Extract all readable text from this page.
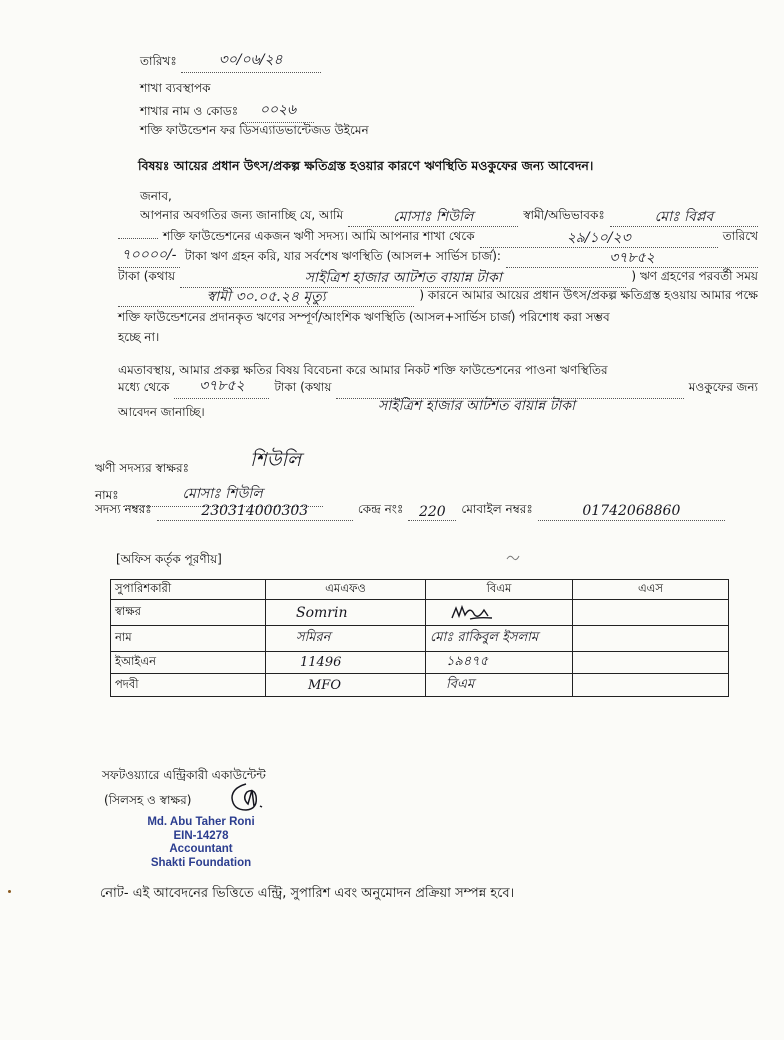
তারিখঃ	৩০/০৬/২৪
শাখা ব্যবস্থাপক
শাখার নাম ও কোডঃ ০০২৬
শক্তি ফাউন্ডেশন ফর ডিসএ্যাডভান্টেজড উইমেন
বিষয়ঃ আয়ের প্রধান উৎস/প্রকল্প ক্ষতিগ্রস্ত হওয়ার কারণে ঋণস্থিতি মওকুফের জন্য আবেদন।
জনাব,
আপনার অবগতির জন্য জানাচ্ছি যে, আমি	মোসাঃ শিউলি	স্বামী/অভিভাবকঃ	মোঃ বিপ্লব
শক্তি ফাউন্ডেশনের একজন ঋণী সদস্য। আমি আপনার শাখা থেকে	২৯/১০/২৩	তারিখে
৭০০০০/- টাকা ঋণ গ্রহন করি, যার সর্বশেষ ঋণস্থিতি (আসল+ সার্ভিস চার্জ):	৩৭৮৫২
টাকা (কথায়	সাইত্রিশ হাজার আটশত বায়ান্ন টাকা	) ঋণ গ্রহণের পরবর্তী সময়
স্বামী ৩০.০৫.২৪ মৃত্যু	) কারনে আমার আয়ের প্রধান উৎস/প্রকল্প ক্ষতিগ্রস্ত হওয়ায় আমার পক্ষে
শক্তি ফাউন্ডেশনের প্রদানকৃত ঋণের সম্পূর্ণ/আংশিক ঋণস্থিতি (আসল+সার্ভিস চার্জ) পরিশোধ করা সম্ভব
হচ্ছে না।
এমতাবস্থায়, আমার প্রকল্প ক্ষতির বিষয় বিবেচনা করে আমার নিকট শক্তি ফাউন্ডেশনের পাওনা ঋণস্থিতির
মধ্যে থেকে	৩৭৮৫২	টাকা (কথায়	মওকুফের জন্য
সাইত্রিশ হাজার আটশত বায়ান্ন টাকা
আবেদন জানাচ্ছি।
ঋণী সদস্যর স্বাক্ষরঃ	শিউলি
নামঃ	মোসাঃ শিউলি
সদস্য নম্বরঃ	230314000303	কেন্দ্র নংঃ	220	মোবাইল নম্বরঃ	01742068860
[অফিস কর্তৃক পূরণীয়]
সুপারিশকারী	এমএফও	বিএম	এএস
স্বাক্ষর	Somrin	

নাম	সমিরন	মোঃ রাকিবুল ইসলাম	
ইআইএন	11496	১৯৪৭৫	
পদবী	MFO	বিএম	
সফটওয়্যারে এন্ট্রিকারী একাউন্টেন্ট
(সিলসহ ও স্বাক্ষর)
Md. Abu Taher Roni
EIN-14278
Accountant
Shakti Foundation
নোট- এই আবেদনের ভিত্তিতে এন্ট্রি, সুপারিশ এবং অনুমোদন প্রক্রিয়া সম্পন্ন হবে।
